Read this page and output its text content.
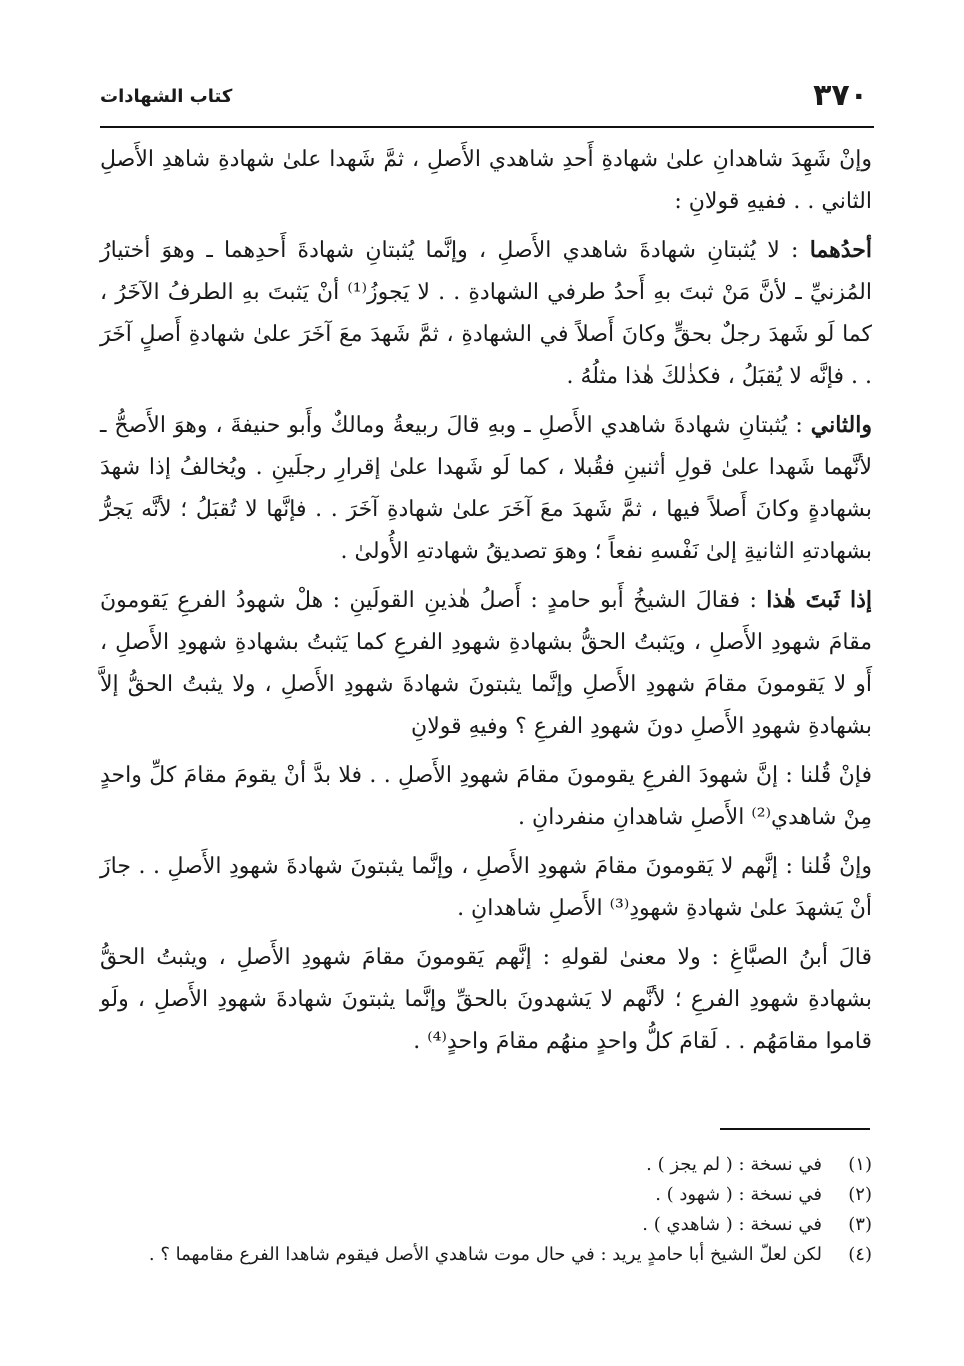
٣٧٠
كتاب الشهادات

وإنْ شَهِدَ شاهدانِ علىٰ شهادةِ أَحدِ شاهدي الأَصلِ ، ثمَّ شَهدا علىٰ شهادةِ شاهدِ الأَصلِ الثاني . . ففيهِ قولانِ :

أحدُهما : لا يُثبتانِ شهادةَ شاهدي الأَصلِ ، وإنَّما يُثبتانِ شهادةَ أَحدِهما ـ وهوَ أختيارُ المُزنيِّ ـ لأنَّ مَنْ ثبتَ بهِ أَحدُ طرفي الشهادةِ . . لا يَجوزُ⁽¹⁾ أنْ يَثبتَ بهِ الطرفُ الآخَرُ ، كما لَو شَهدَ رجلٌ بحقٍّ وكانَ أَصلاً في الشهادةِ ، ثمَّ شَهدَ معَ آخَرَ علىٰ شهادةِ أَصلٍ آخَرَ . . فإنَّه لا يُقبَلُ ، فكذٰلكَ هٰذا مثلُهُ .

والثاني : يُثبتانِ شهادةَ شاهدي الأَصلِ ـ وبهِ قالَ ربيعةُ ومالكٌ وأَبو حنيفةَ ، وهوَ الأَصحُّ ـ لأنَّهما شَهدا علىٰ قولِ أثنينِ فقُبلا ، كما لَو شَهدا علىٰ إقرارِ رجلَينِ . ويُخالفُ إذا شهدَ بشهادةٍ وكانَ أَصلاً فيها ، ثمَّ شَهدَ معَ آخَرَ علىٰ شهادةِ آخَرَ . . فإنَّها لا تُقبَلُ ؛ لأنَّه يَجرُّ بشهادتهِ الثانيةِ إلىٰ نَفْسهِ نفعاً ؛ وهوَ تصديقُ شهادتهِ الأُولىٰ .

إذا ثَبتَ هٰذا : فقالَ الشيخُ أَبو حامدٍ : أَصلُ هٰذينِ القولَينِ : هلْ شهودُ الفرعِ يَقومونَ مقامَ شهودِ الأَصلِ ، ويَثبتُ الحقُّ بشهادةِ شهودِ الفرعِ كما يَثبتُ بشهادةِ شهودِ الأَصلِ ، أَو لا يَقومونَ مقامَ شهودِ الأَصلِ وإنَّما يثبتونَ شهادةَ شهودِ الأَصلِ ، ولا يثبتُ الحقُّ إلاَّ بشهادةِ شهودِ الأَصلِ دونَ شهودِ الفرعِ ؟ وفيهِ قولانِ

فإنْ قُلنا : إنَّ شهودَ الفرعِ يقومونَ مقامَ شهودِ الأَصلِ . . فلا بدَّ أنْ يقومَ مقامَ كلِّ واحدٍ مِنْ شاهدي⁽²⁾ الأَصلِ شاهدانِ منفردانِ .

وإنْ قُلنا : إنَّهم لا يَقومونَ مقامَ شهودِ الأَصلِ ، وإنَّما يثبتونَ شهادةَ شهودِ الأَصلِ . . جازَ أنْ يَشهدَ علىٰ شهادةِ شهودِ⁽³⁾ الأَصلِ شاهدانِ .

قالَ أبنُ الصبَّاغِ : ولا معنىٰ لقولهِ : إنَّهم يَقومونَ مقامَ شهودِ الأَصلِ ، ويثبتُ الحقُّ بشهادةِ شهودِ الفرعِ ؛ لأنَّهم لا يَشهدونَ بالحقِّ وإنَّما يثبتونَ شهادةَ شهودِ الأَصلِ ، ولَو قاموا مقامَهُم . . لَقامَ كلُّ واحدٍ منهُم مقامَ واحدٍ⁽⁴⁾ .

(١)
في نسخة : ( لم يجز ) .

(٢)
في نسخة : ( شهود ) .

(٣)
في نسخة : ( شاهدي ) .

(٤)
لكن لعلّ الشيخ أبا حامدٍ يريد : في حال موت شاهدي الأصل فيقوم شاهدا الفرع مقامهما ؟ .
